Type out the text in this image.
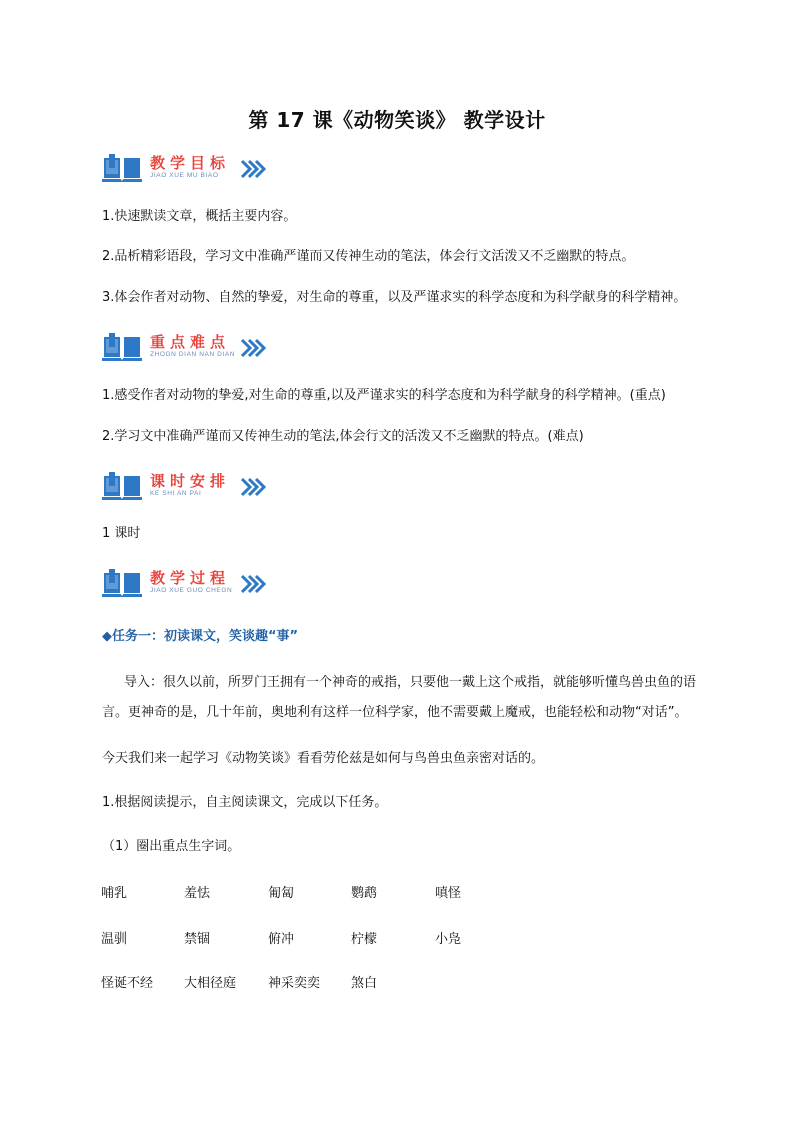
第 17 课《动物笑谈》 教学设计
教学目标
JIAO XUE MU BIAO
1.快速默读文章，概括主要内容。
2.品析精彩语段，学习文中准确严谨而又传神生动的笔法，体会行文活泼又不乏幽默的特点。
3.体会作者对动物、自然的挚爱，对生命的尊重，以及严谨求实的科学态度和为科学献身的科学精神。
重点难点
ZHOGN DIAN NAN DIAN
1.感受作者对动物的挚爱,对生命的尊重,以及严谨求实的科学态度和为科学献身的科学精神。(重点)
2.学习文中准确严谨而又传神生动的笔法,体会行文的活泼又不乏幽默的特点。(难点)
课时安排
KE SHI AN PAI
1 课时
教学过程
JIAO XUE GUO CHEGN
◆任务一：初读课文，笑谈趣“事”
导入：很久以前，所罗门王拥有一个神奇的戒指，只要他一戴上这个戒指，就能够听懂鸟兽虫鱼的语
言。更神奇的是，几十年前，奥地利有这样一位科学家，他不需要戴上魔戒，也能轻松和动物“对话”。
今天我们来一起学习《动物笑谈》看看劳伦兹是如何与鸟兽虫鱼亲密对话的。
1.根据阅读提示，自主阅读课文，完成以下任务。
（1）圈出重点生字词。
哺乳	羞怯	匍匐	鹦鹉	嗔怪
温驯	禁锢	俯冲	柠檬	小凫
怪诞不经 大相径庭 神采奕奕 煞白
